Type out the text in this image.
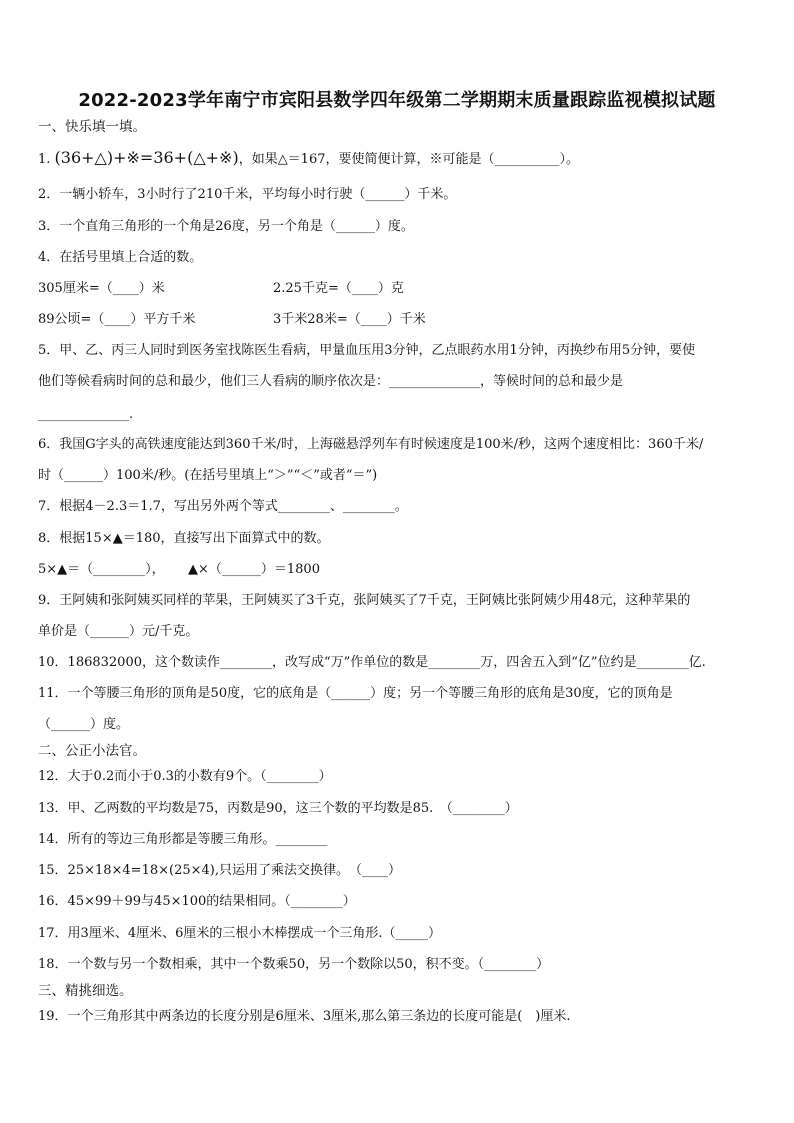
2022-2023学年南宁市宾阳县数学四年级第二学期期末质量跟踪监视模拟试题
一、快乐填一填。
1. (36+△)+※=36+(△+※)，如果△＝167，要使简便计算，※可能是（__________）。
2．一辆小轿车，3小时行了210千米，平均每小时行驶（______）千米。
3．一个直角三角形的一个角是26度，另一个角是（______）度。
4．在括号里填上合适的数。
305厘米=（____）米	2.25千克=（____）克
89公顷=（____）平方千米	3千米28米=（____）千米
5．甲、乙、丙三人同时到医务室找陈医生看病，甲量血压用3分钟，乙点眼药水用1分钟，丙换纱布用5分钟，要使
他们等候看病时间的总和最少，他们三人看病的顺序依次是：______________，等候时间的总和最少是
______________.
6．我国G字头的高铁速度能达到360千米/时，上海磁悬浮列车有时候速度是100米/秒，这两个速度相比：360千米/
时（______）100米/秒。(在括号里填上“＞”“＜”或者“＝”)
7．根据4－2.3＝1.7，写出另外两个等式________、________。
8．根据15×▲＝180，直接写出下面算式中的数。
5×▲＝（________）， ▲×（______）＝1800
9．王阿姨和张阿姨买同样的苹果，王阿姨买了3千克，张阿姨买了7千克，王阿姨比张阿姨少用48元，这种苹果的
单价是（______）元/千克。
10．186832000，这个数读作________，改写成“万”作单位的数是________万，四舍五入到“亿”位约是________亿.
11．一个等腰三角形的顶角是50度，它的底角是（______）度；另一个等腰三角形的底角是30度，它的顶角是
（______）度。
二、公正小法官。
12．大于0.2而小于0.3的小数有9个。（________）
13．甲、乙两数的平均数是75，丙数是90，这三个数的平均数是85.　（________）
14．所有的等边三角形都是等腰三角形。________
15．25×18×4=18×(25×4),只运用了乘法交换律。　（____）
16．45×99＋99与45×100的结果相同。（________）
17．用3厘米、4厘米、6厘米的三根小木棒摆成一个三角形.（_____）
18．一个数与另一个数相乘，其中一个数乘50，另一个数除以50，积不变。（________）
三、精挑细选。
19．一个三角形其中两条边的长度分别是6厘米、3厘米,那么第三条边的长度可能是(　)厘米.
